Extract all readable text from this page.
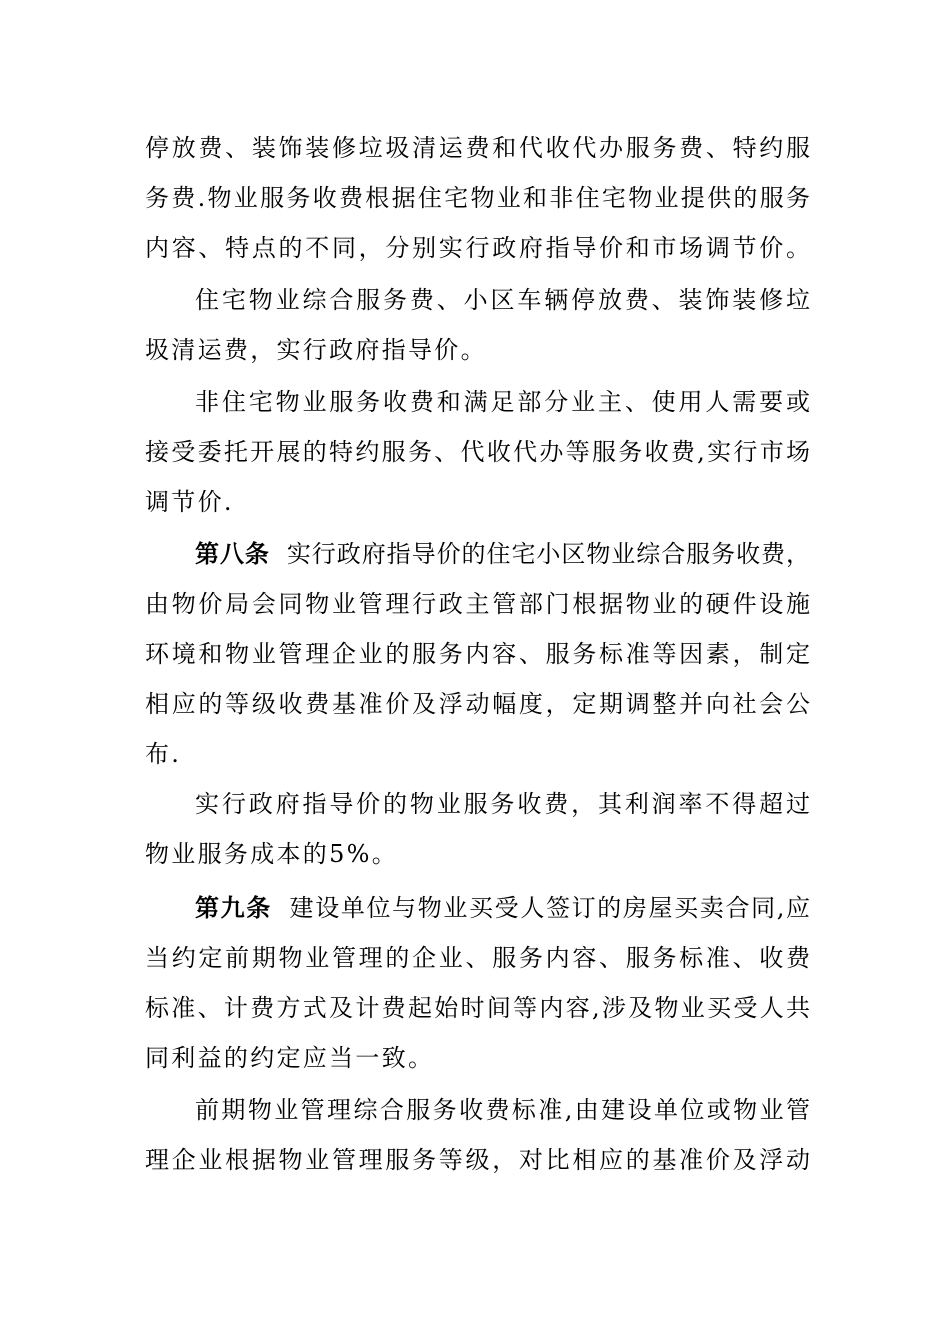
停放费、装饰装修垃圾清运费和代收代办服务费、特约服
务费.物业服务收费根据住宅物业和非住宅物业提供的服务
内容、特点的不同，分别实行政府指导价和市场调节价。
住宅物业综合服务费、小区车辆停放费、装饰装修垃
圾清运费，实行政府指导价。
非住宅物业服务收费和满足部分业主、使用人需要或
接受委托开展的特约服务、代收代办等服务收费,实行市场
调节价.
第八条 实行政府指导价的住宅小区物业综合服务收费，
由物价局会同物业管理行政主管部门根据物业的硬件设施
环境和物业管理企业的服务内容、服务标准等因素，制定
相应的等级收费基准价及浮动幅度，定期调整并向社会公
布.
实行政府指导价的物业服务收费，其利润率不得超过
物业服务成本的5%。
第九条 建设单位与物业买受人签订的房屋买卖合同,应
当约定前期物业管理的企业、服务内容、服务标准、收费
标准、计费方式及计费起始时间等内容,涉及物业买受人共
同利益的约定应当一致。
前期物业管理综合服务收费标准,由建设单位或物业管
理企业根据物业管理服务等级，对比相应的基准价及浮动
